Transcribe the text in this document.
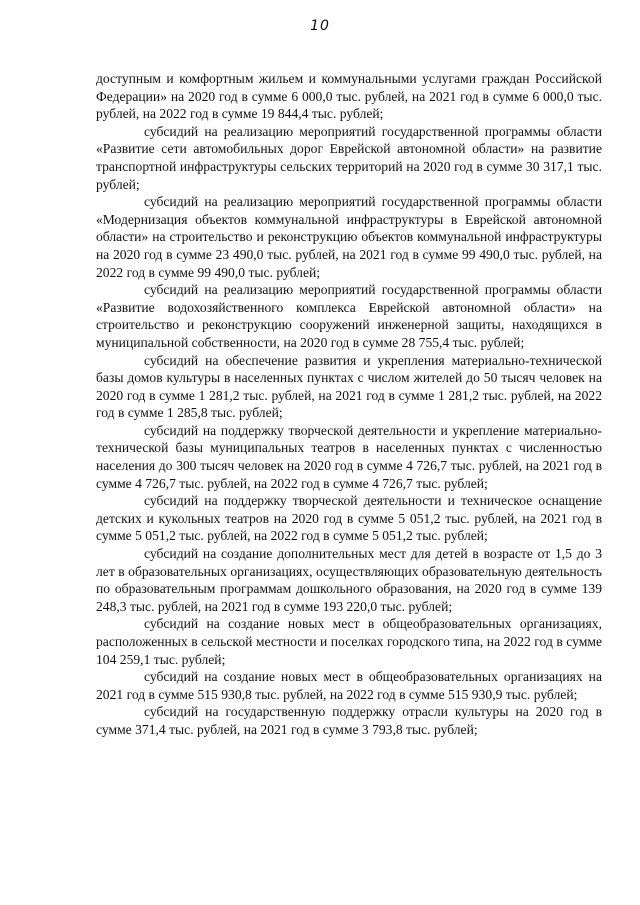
10

доступным и комфортным жильем и коммунальными услугами граждан Российской Федерации» на 2020 год в сумме 6 000,0 тыс. рублей, на 2021 год в сумме 6 000,0 тыс. рублей, на 2022 год в сумме 19 844,4 тыс. рублей;

субсидий на реализацию мероприятий государственной программы области «Развитие сети автомобильных дорог Еврейской автономной области» на развитие транспортной инфраструктуры сельских территорий на 2020 год в сумме 30 317,1 тыс. рублей;

субсидий на реализацию мероприятий государственной программы области «Модернизация объектов коммунальной инфраструктуры в Еврейской автономной области» на строительство и реконструкцию объектов коммунальной инфраструктуры на 2020 год в сумме 23 490,0 тыс. рублей, на 2021 год в сумме 99 490,0 тыс. рублей, на 2022 год в сумме 99 490,0 тыс. рублей;

субсидий на реализацию мероприятий государственной программы области «Развитие водохозяйственного комплекса Еврейской автономной области» на строительство и реконструкцию сооружений инженерной защиты, находящихся в муниципальной собственности, на 2020 год в сумме 28 755,4 тыс. рублей;

субсидий на обеспечение развития и укрепления материально-технической базы домов культуры в населенных пунктах с числом жителей до 50 тысяч человек на 2020 год в сумме 1 281,2 тыс. рублей, на 2021 год в сумме 1 281,2 тыс. рублей, на 2022 год в сумме 1 285,8 тыс. рублей;

субсидий на поддержку творческой деятельности и укрепление материально-технической базы муниципальных театров в населенных пунктах с численностью населения до 300 тысяч человек на 2020 год в сумме 4 726,7 тыс. рублей, на 2021 год в сумме 4 726,7 тыс. рублей, на 2022 год в сумме 4 726,7 тыс. рублей;

субсидий на поддержку творческой деятельности и техническое оснащение детских и кукольных театров на 2020 год в сумме 5 051,2 тыс. рублей, на 2021 год в сумме 5 051,2 тыс. рублей, на 2022 год в сумме 5 051,2 тыс. рублей;

субсидий на создание дополнительных мест для детей в возрасте от 1,5 до 3 лет в образовательных организациях, осуществляющих образовательную деятельность по образовательным программам дошкольного образования, на 2020 год в сумме 139 248,3 тыс. рублей, на 2021 год в сумме 193 220,0 тыс. рублей;

субсидий на создание новых мест в общеобразовательных организациях, расположенных в сельской местности и поселках городского типа, на 2022 год в сумме 104 259,1 тыс. рублей;

субсидий на создание новых мест в общеобразовательных организациях на 2021 год в сумме 515 930,8 тыс. рублей, на 2022 год в сумме 515 930,9 тыс. рублей;

субсидий на государственную поддержку отрасли культуры на 2020 год в сумме 371,4 тыс. рублей, на 2021 год в сумме 3 793,8 тыс. рублей;
